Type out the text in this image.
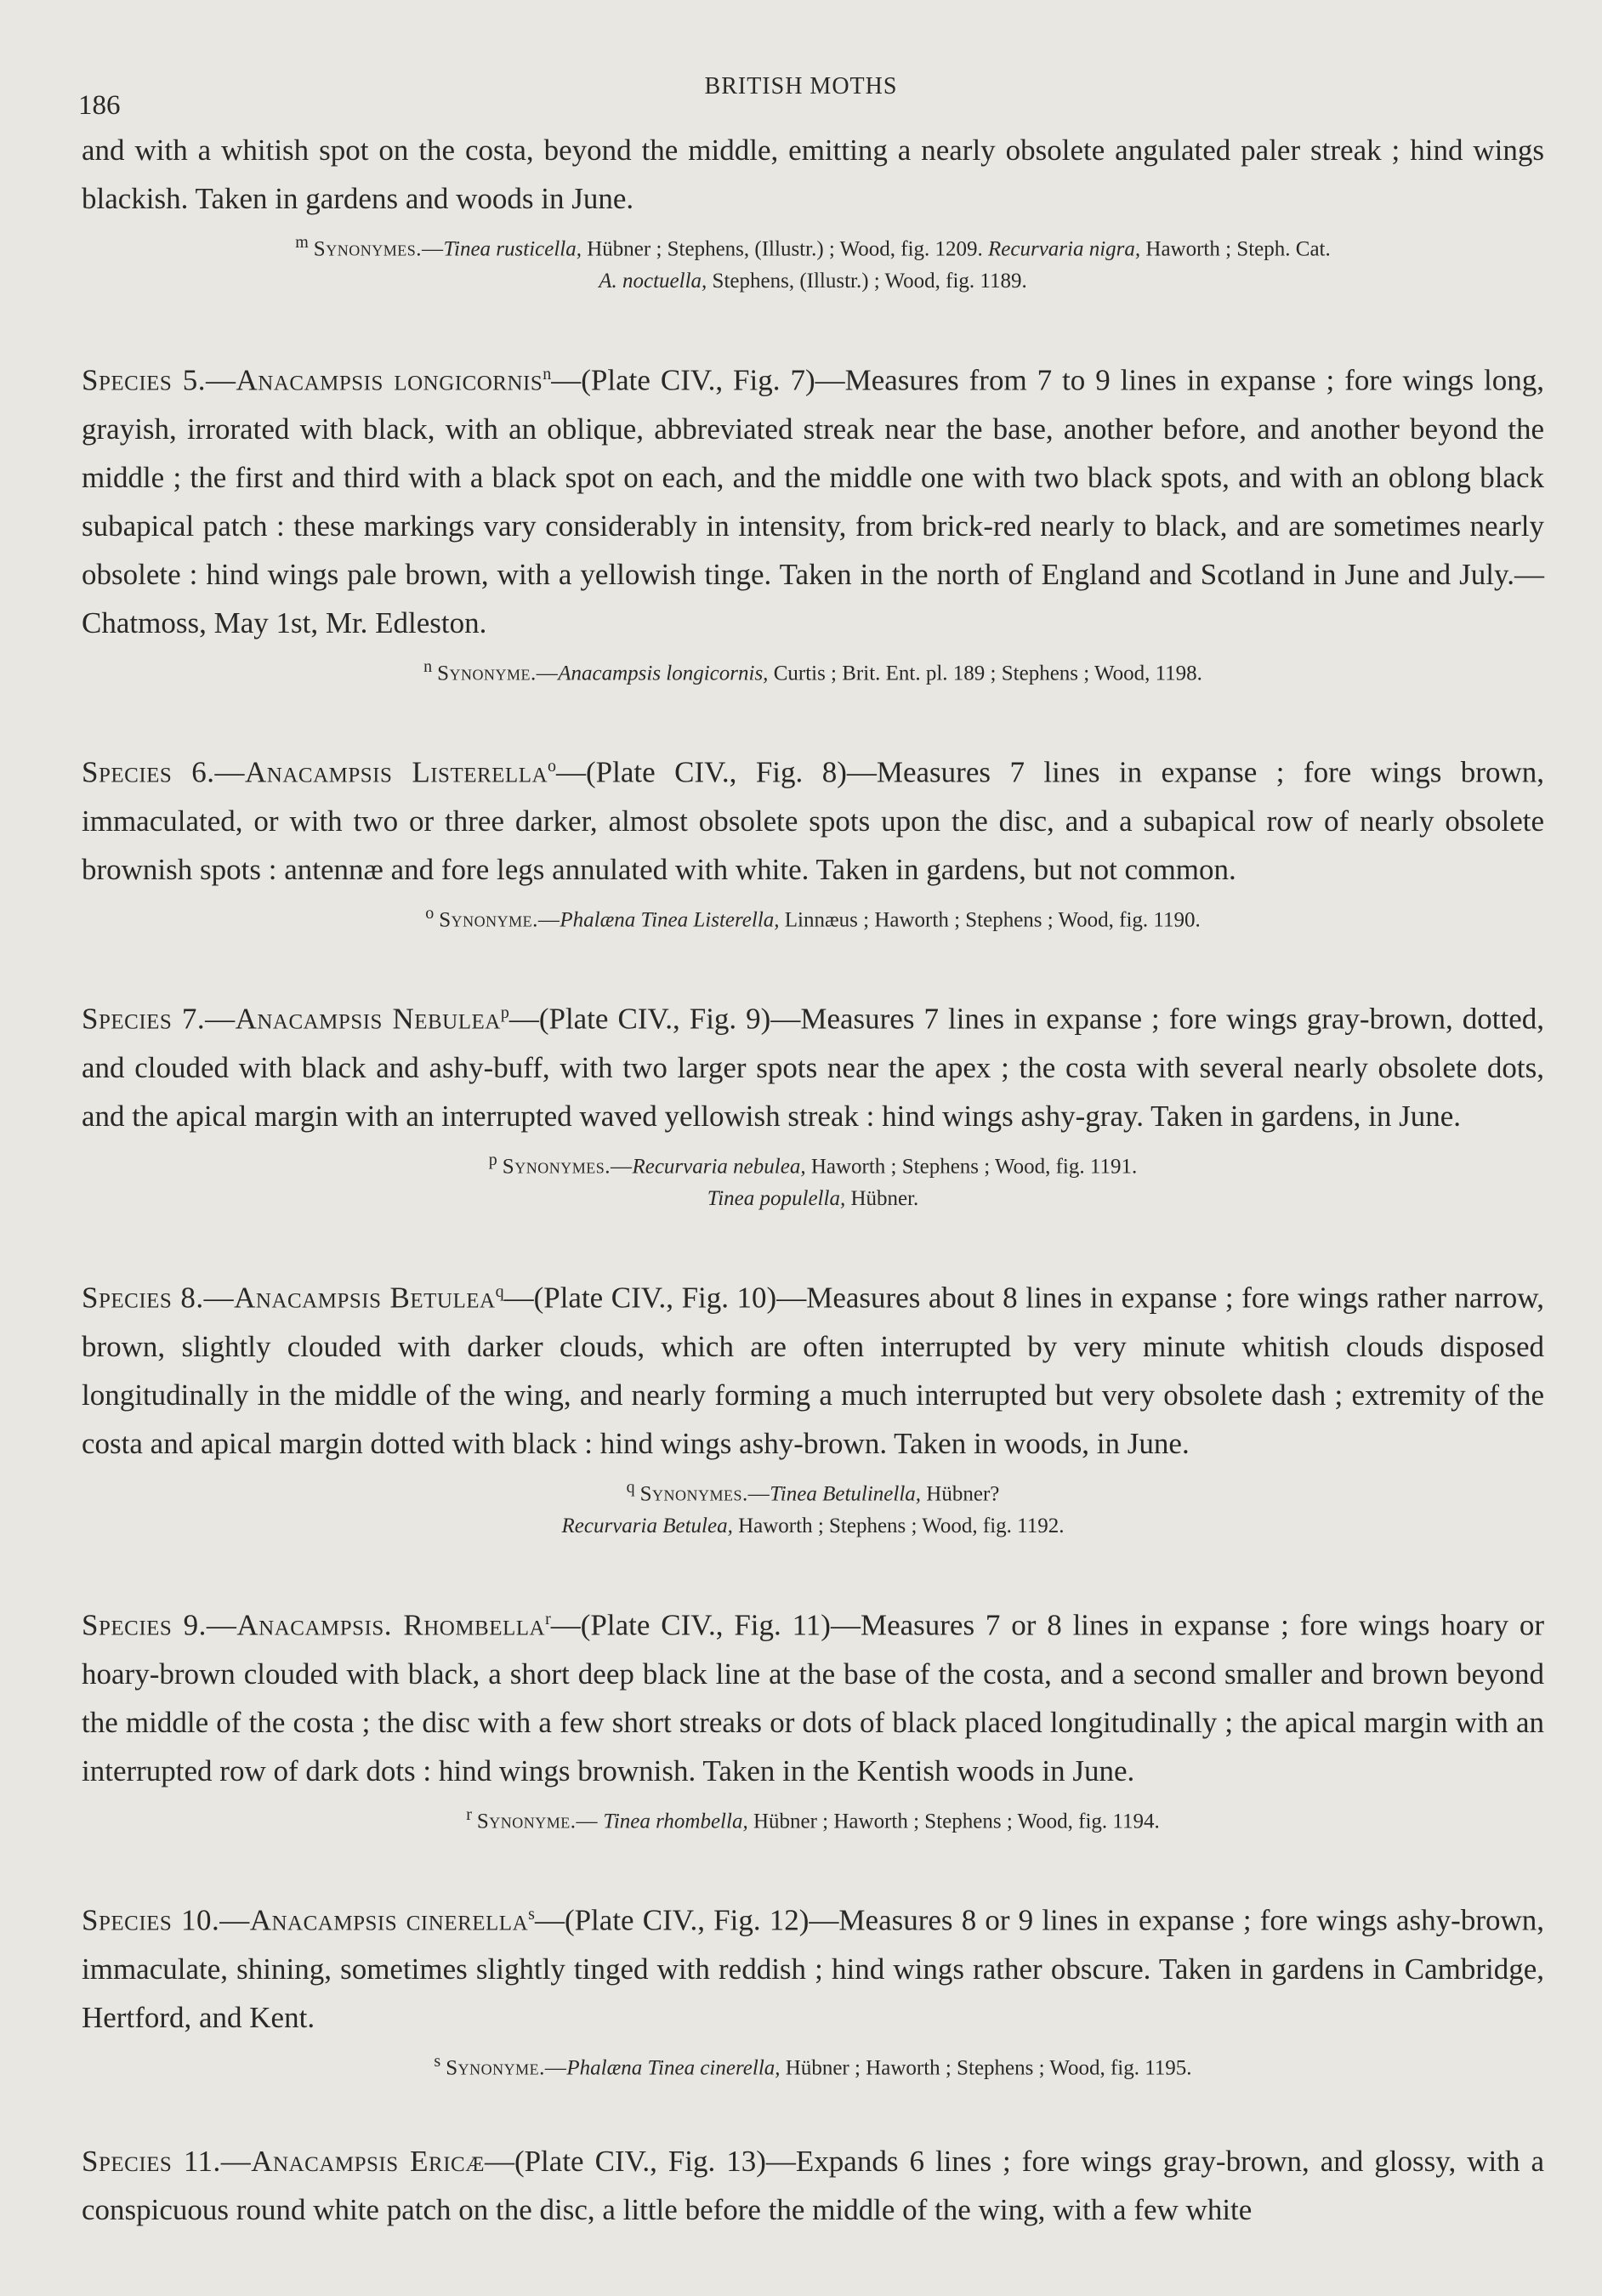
186
BRITISH MOTHS

and with a whitish spot on the costa, beyond the middle, emitting a nearly obsolete angulated paler streak ; hind wings blackish. Taken in gardens and woods in June.

$^m$ Synonymes.—Tinea rusticella, Hübner ; Stephens, (Illustr.) ; Wood, fig. 1209. Recurvaria nigra, Haworth ; Steph. Cat.
A. noctuella, Stephens, (Illustr.) ; Wood, fig. 1189.

Species 5.—Anacampsis longicornis$^n$—(Plate CIV., Fig. 7)—Measures from 7 to 9 lines in expanse ; fore wings long, grayish, irrorated with black, with an oblique, abbreviated streak near the base, another before, and another beyond the middle ; the first and third with a black spot on each, and the middle one with two black spots, and with an oblong black subapical patch : these markings vary considerably in intensity, from brick-red nearly to black, and are sometimes nearly obsolete : hind wings pale brown, with a yellowish tinge. Taken in the north of England and Scotland in June and July.—Chatmoss, May 1st, Mr. Edleston.

$^n$ Synonyme.—Anacampsis longicornis, Curtis ; Brit. Ent. pl. 189 ; Stephens ; Wood, 1198.

Species 6.—Anacampsis Listerella$^o$—(Plate CIV., Fig. 8)—Measures 7 lines in expanse ; fore wings brown, immaculated, or with two or three darker, almost obsolete spots upon the disc, and a subapical row of nearly obsolete brownish spots : antennæ and fore legs annulated with white. Taken in gardens, but not common.

$^o$ Synonyme.—Phalæna Tinea Listerella, Linnæus ; Haworth ; Stephens ; Wood, fig. 1190.

Species 7.—Anacampsis Nebulea$^p$—(Plate CIV., Fig. 9)—Measures 7 lines in expanse ; fore wings gray-brown, dotted, and clouded with black and ashy-buff, with two larger spots near the apex ; the costa with several nearly obsolete dots, and the apical margin with an interrupted waved yellowish streak : hind wings ashy-gray. Taken in gardens, in June.

$^p$ Synonymes.—Recurvaria nebulea, Haworth ; Stephens ; Wood, fig. 1191.
Tinea populella, Hübner.

Species 8.—Anacampsis Betulea$^q$—(Plate CIV., Fig. 10)—Measures about 8 lines in expanse ; fore wings rather narrow, brown, slightly clouded with darker clouds, which are often interrupted by very minute whitish clouds disposed longitudinally in the middle of the wing, and nearly forming a much interrupted but very obsolete dash ; extremity of the costa and apical margin dotted with black : hind wings ashy-brown. Taken in woods, in June.

$^q$ Synonymes.—Tinea Betulinella, Hübner?
Recurvaria Betulea, Haworth ; Stephens ; Wood, fig. 1192.

Species 9.—Anacampsis. Rhombella$^r$—(Plate CIV., Fig. 11)—Measures 7 or 8 lines in expanse ; fore wings hoary or hoary-brown clouded with black, a short deep black line at the base of the costa, and a second smaller and brown beyond the middle of the costa ; the disc with a few short streaks or dots of black placed longitudinally ; the apical margin with an interrupted row of dark dots : hind wings brownish. Taken in the Kentish woods in June.

$^r$ Synonyme.— Tinea rhombella, Hübner ; Haworth ; Stephens ; Wood, fig. 1194.

Species 10.—Anacampsis cinerella$^s$—(Plate CIV., Fig. 12)—Measures 8 or 9 lines in expanse ; fore wings ashy-brown, immaculate, shining, sometimes slightly tinged with reddish ; hind wings rather obscure. Taken in gardens in Cambridge, Hertford, and Kent.

$^s$ Synonyme.—Phalæna Tinea cinerella, Hübner ; Haworth ; Stephens ; Wood, fig. 1195.

Species 11.—Anacampsis Ericæ—(Plate CIV., Fig. 13)—Expands 6 lines ; fore wings gray-brown, and glossy, with a conspicuous round white patch on the disc, a little before the middle of the wing, with a few white
